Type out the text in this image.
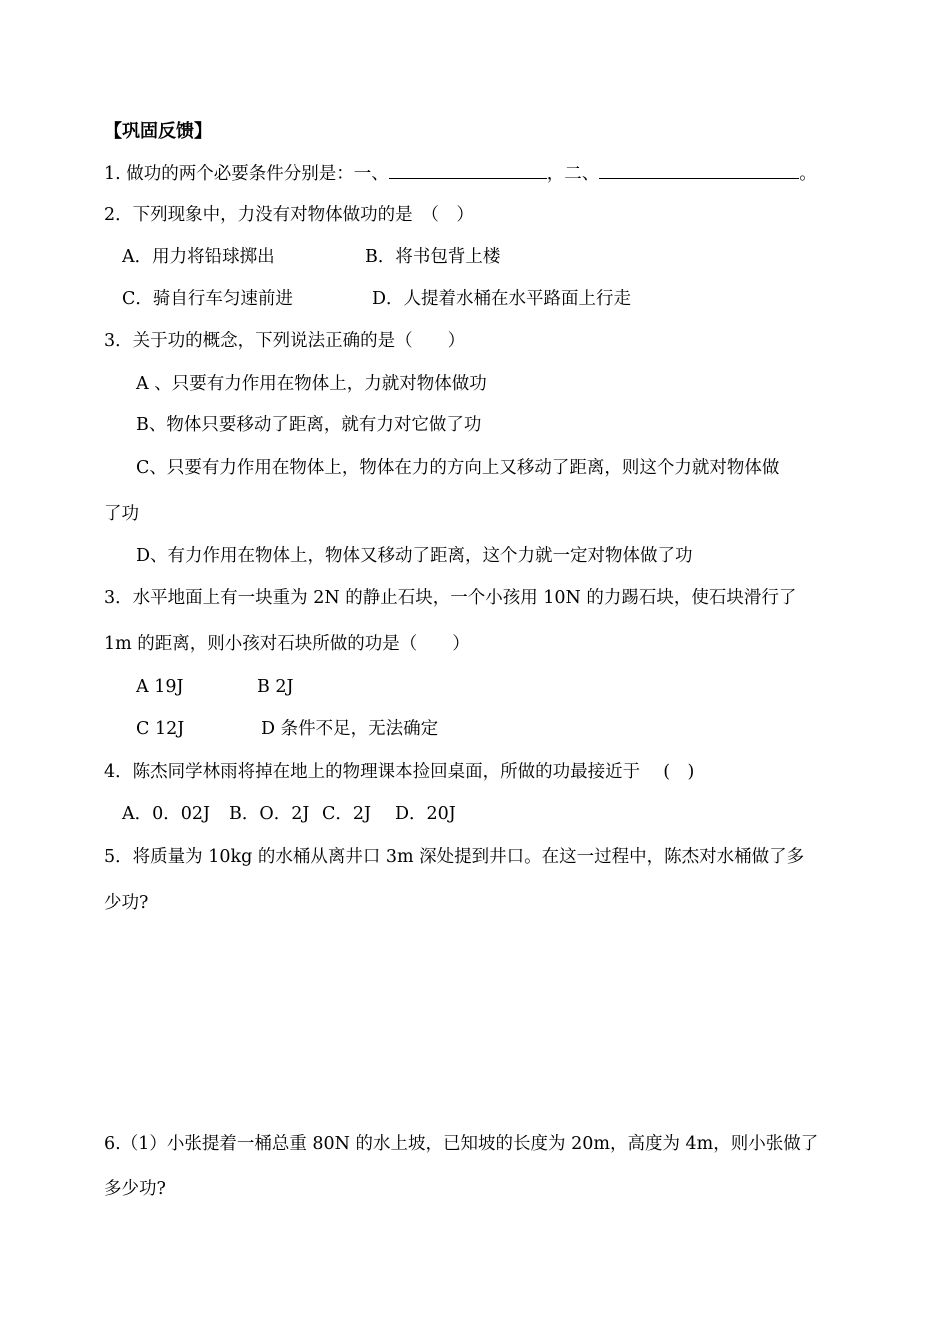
【巩固反馈】
1. 做功的两个必要条件分别是：一、	，二、	。
2．下列现象中，力没有对物体做功的是　（　）
A．用力将铅球掷出	B．将书包背上楼
C．骑自行车匀速前进	D．人提着水桶在水平路面上行走
3．关于功的概念，下列说法正确的是（　　）
A 、只要有力作用在物体上，力就对物体做功
B、物体只要移动了距离，就有力对它做了功
C、只要有力作用在物体上，物体在力的方向上又移动了距离，则这个力就对物体做
了功
D、有力作用在物体上，物体又移动了距离，这个力就一定对物体做了功
3．水平地面上有一块重为 2N 的静止石块，一个小孩用 10N 的力踢石块，使石块滑行了
1m 的距离，则小孩对石块所做的功是（　　）
A 19J	B 2J
C 12J	D 条件不足，无法确定
4．陈杰同学林雨将掉在地上的物理课本捡回桌面，所做的功最接近于　 (　)
A．0．02J B．O．2J C．2J D．20J
5．将质量为 10kg 的水桶从离井口 3m 深处提到井口。在这一过程中，陈杰对水桶做了多
少功?
6.（1）小张提着一桶总重 80N 的水上坡，已知坡的长度为 20m，高度为 4m，则小张做了
多少功?
